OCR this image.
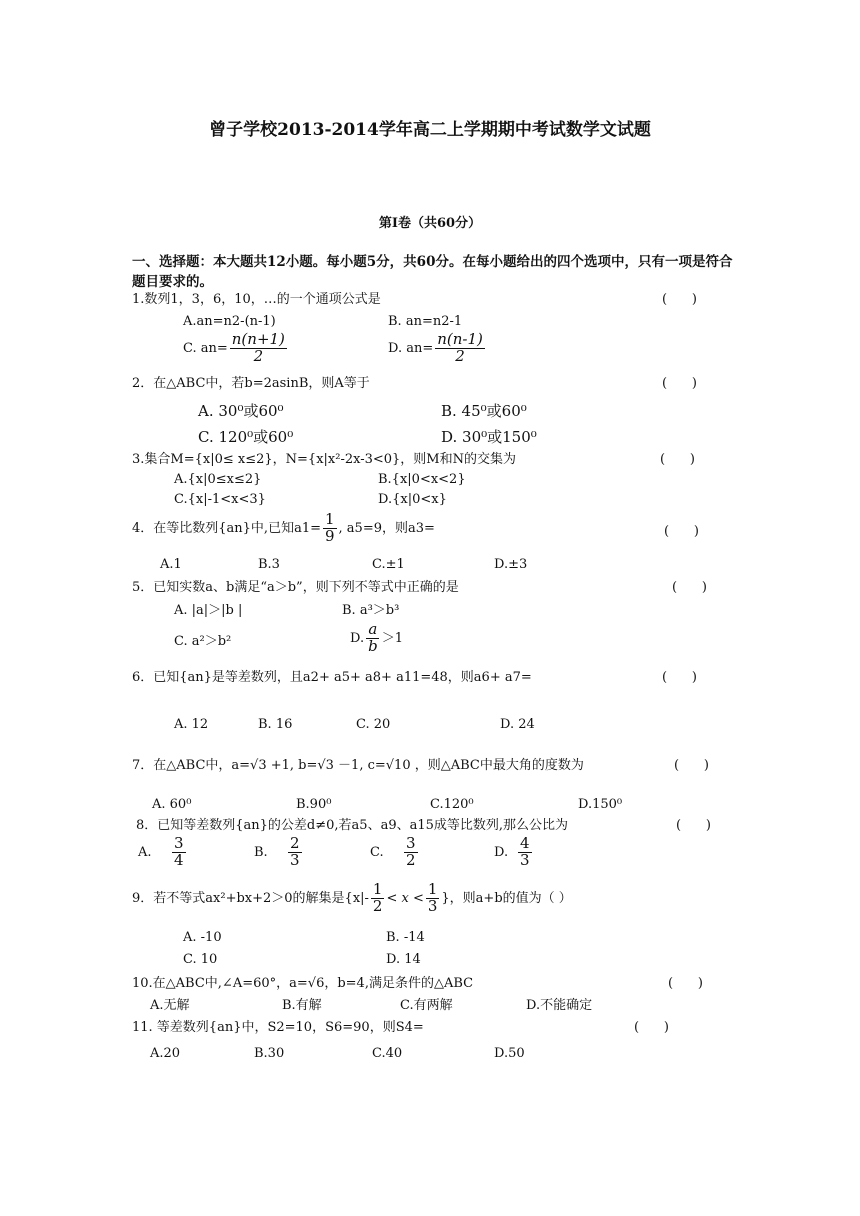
曾子学校2013-2014学年高二上学期期中考试数学文试题
第Ⅰ卷（共60分）
一、选择题：本大题共12小题。每小题5分，共60分。在每小题给出的四个选项中，只有一项是符合题目要求的。
1.数列1，3，6，10，…的一个通项公式是	(      )
A.an=n2-(n-1)	B. an=n2-1
C. $an= \frac{n(n+1)}{2}$	D. $an= \frac{n(n-1)}{2}$
2．在△ABC中，若b=2asinB，则A等于	(      )
A. 30⁰或60⁰	B. 45⁰或60⁰
C. 120⁰或60⁰	D. 30⁰或150⁰
3.集合M={x|0≤ x≤2}，N={x|x²-2x-3<0}，则M和N的交集为	(      )
A.{x|0≤x≤2}	B.{x|0<x<2}
C.{x|-1<x<3}	D.{x|0<x}
4．在等比数列{an}中,已知$a1= \frac{1}{9}$ , a5=9，则a3=	(      )
A.1	B.3	C.±1	D.±3
5．已知实数a、b满足“a＞b”，则下列不等式中正确的是	(      )
A. |a|＞|b |	B. a³＞b³
C. a²＞b²	D. $\frac{a}{b} >1$
6．已知{an}是等差数列，且a2+ a5+ a8+ a11=48，则a6+ a7=	(      )
A. 12	B. 16	C. 20	D. 24
7．在△ABC中，a=√3 +1, b=√3 －1, c=√10 ，则△ABC中最大角的度数为	(      )
A. 60⁰	B.90⁰	C.120⁰	D.150⁰
8．已知等差数列{an}的公差d≠0,若a5、a9、a15成等比数列,那么公比为	(      )
A. $\frac{3}{4}$	B. $\frac{2}{3}$	C. $\frac{3}{2}$	D. $\frac{4}{3}$
9．若不等式ax²+bx+2＞0的解集是{$x|- \frac{1}{2} < x < \frac{1}{3}$ }，则a+b的值为（ ）
A. -10	B. -14
C. 10	D. 14
10.在△ABC中,∠A=60°，a=√6，b=4,满足条件的△ABC	(      )
A.无解	B.有解	C.有两解	D.不能确定
11. 等差数列{an}中，S2=10，S6=90，则S4=	(      )
A.20	B.30	C.40	D.50
